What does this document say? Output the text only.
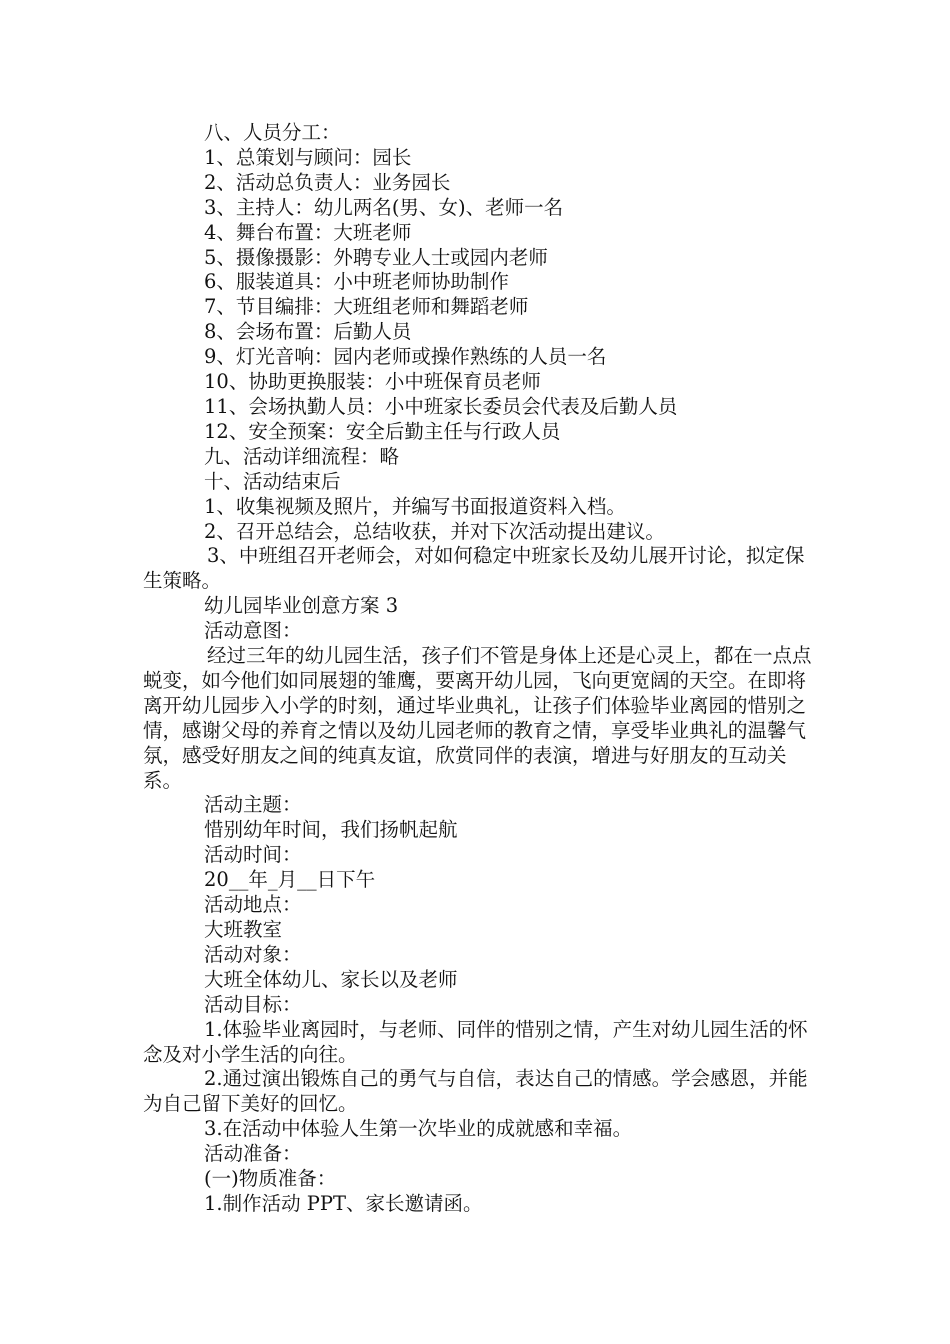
八、人员分工：

1、总策划与顾问：园长

2、活动总负责人：业务园长

3、主持人：幼儿两名(男、女)、老师一名

4、舞台布置：大班老师

5、摄像摄影：外聘专业人士或园内老师

6、服装道具：小中班老师协助制作

7、节目编排：大班组老师和舞蹈老师

8、会场布置：后勤人员

9、灯光音响：园内老师或操作熟练的人员一名

10、协助更换服装：小中班保育员老师

11、会场执勤人员：小中班家长委员会代表及后勤人员

12、安全预案：安全后勤主任与行政人员

九、活动详细流程：略

十、活动结束后

1、收集视频及照片，并编写书面报道资料入档。

2、召开总结会，总结收获，并对下次活动提出建议。

3、中班组召开老师会，对如何稳定中班家长及幼儿展开讨论，拟定保生策略。

幼儿园毕业创意方案 3

活动意图：

经过三年的幼儿园生活，孩子们不管是身体上还是心灵上，都在一点点蜕变，如今他们如同展翅的雏鹰，要离开幼儿园，飞向更宽阔的天空。在即将离开幼儿园步入小学的时刻，通过毕业典礼，让孩子们体验毕业离园的惜别之情，感谢父母的养育之情以及幼儿园老师的教育之情，享受毕业典礼的温馨气氛，感受好朋友之间的纯真友谊，欣赏同伴的表演，增进与好朋友的互动关系。

活动主题：

惜别幼年时间，我们扬帆起航

活动时间：

20__年_月__日下午

活动地点：

大班教室

活动对象：

大班全体幼儿、家长以及老师

活动目标：

1.体验毕业离园时，与老师、同伴的惜别之情，产生对幼儿园生活的怀念及对小学生活的向往。

2.通过演出锻炼自己的勇气与自信，表达自己的情感。学会感恩，并能为自己留下美好的回忆。

3.在活动中体验人生第一次毕业的成就感和幸福。

活动准备：

(一)物质准备：

1.制作活动 PPT、家长邀请函。
